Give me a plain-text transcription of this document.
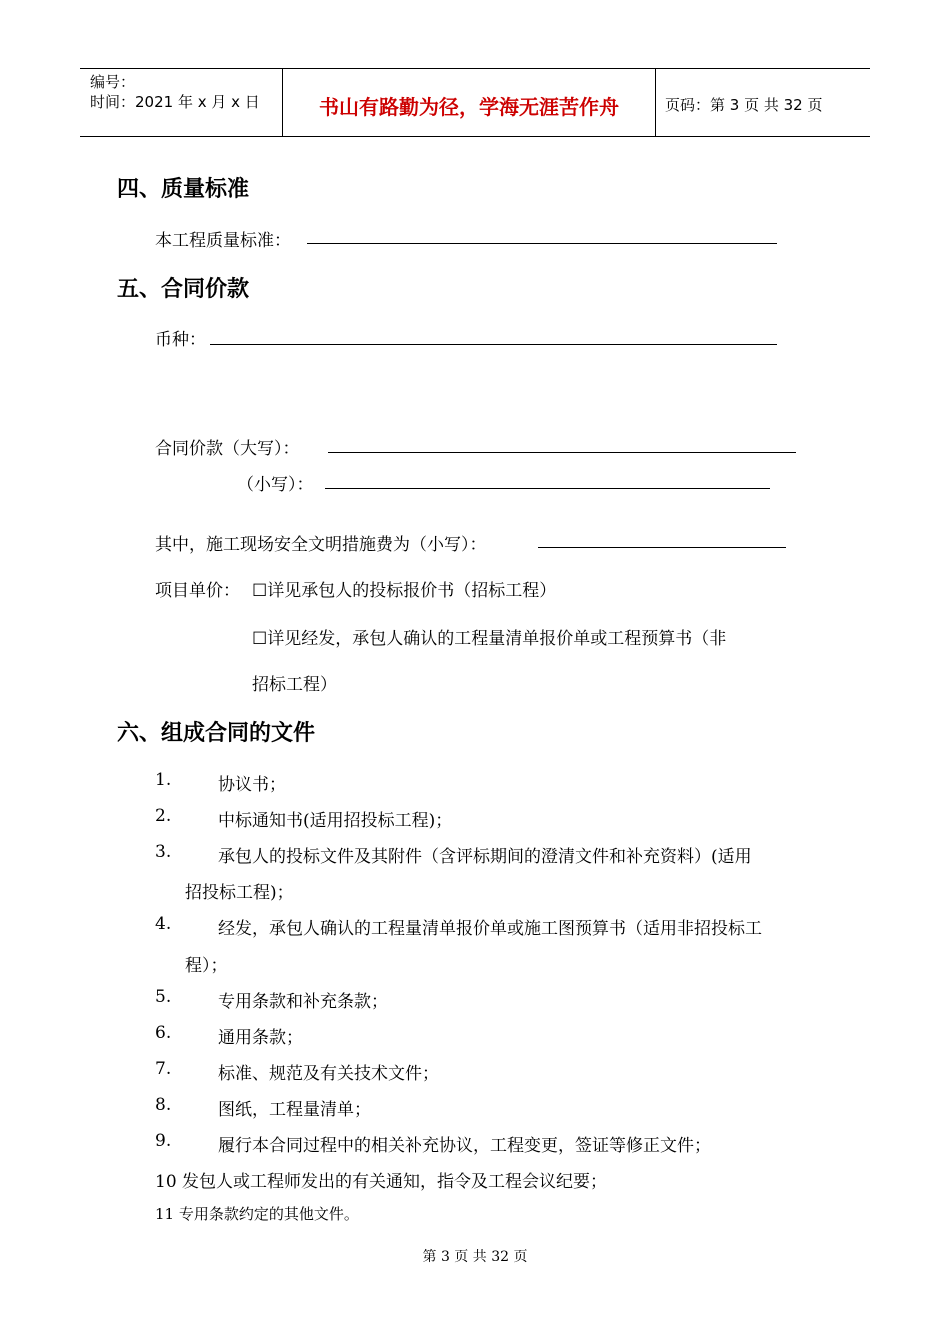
编号：
时间：2021 年 x 月 x 日	书山有路勤为径，学海无涯苦作舟	页码：第 3 页 共 32 页
四、质量标准
本工程质量标准：
五、合同价款
币种：
合同价款（大写）：
（小写）：
其中，施工现场安全文明措施费为（小写）：
项目单价： ☐详见承包人的投标报价书（招标工程）
☐详见经发，承包人确认的工程量清单报价单或工程预算书（非
招标工程）
六、组成合同的文件
1.	协议书；
2.	中标通知书(适用招投标工程)；
3.	承包人的投标文件及其附件（含评标期间的澄清文件和补充资料）(适用
招投标工程)；
4.	经发，承包人确认的工程量清单报价单或施工图预算书（适用非招投标工
程）；
5.	专用条款和补充条款；
6.	通用条款；
7.	标准、规范及有关技术文件；
8.	图纸，工程量清单；
9.	履行本合同过程中的相关补充协议，工程变更，签证等修正文件；
10 发包人或工程师发出的有关通知，指令及工程会议纪要；
11 专用条款约定的其他文件。
第 3 页 共 32 页
